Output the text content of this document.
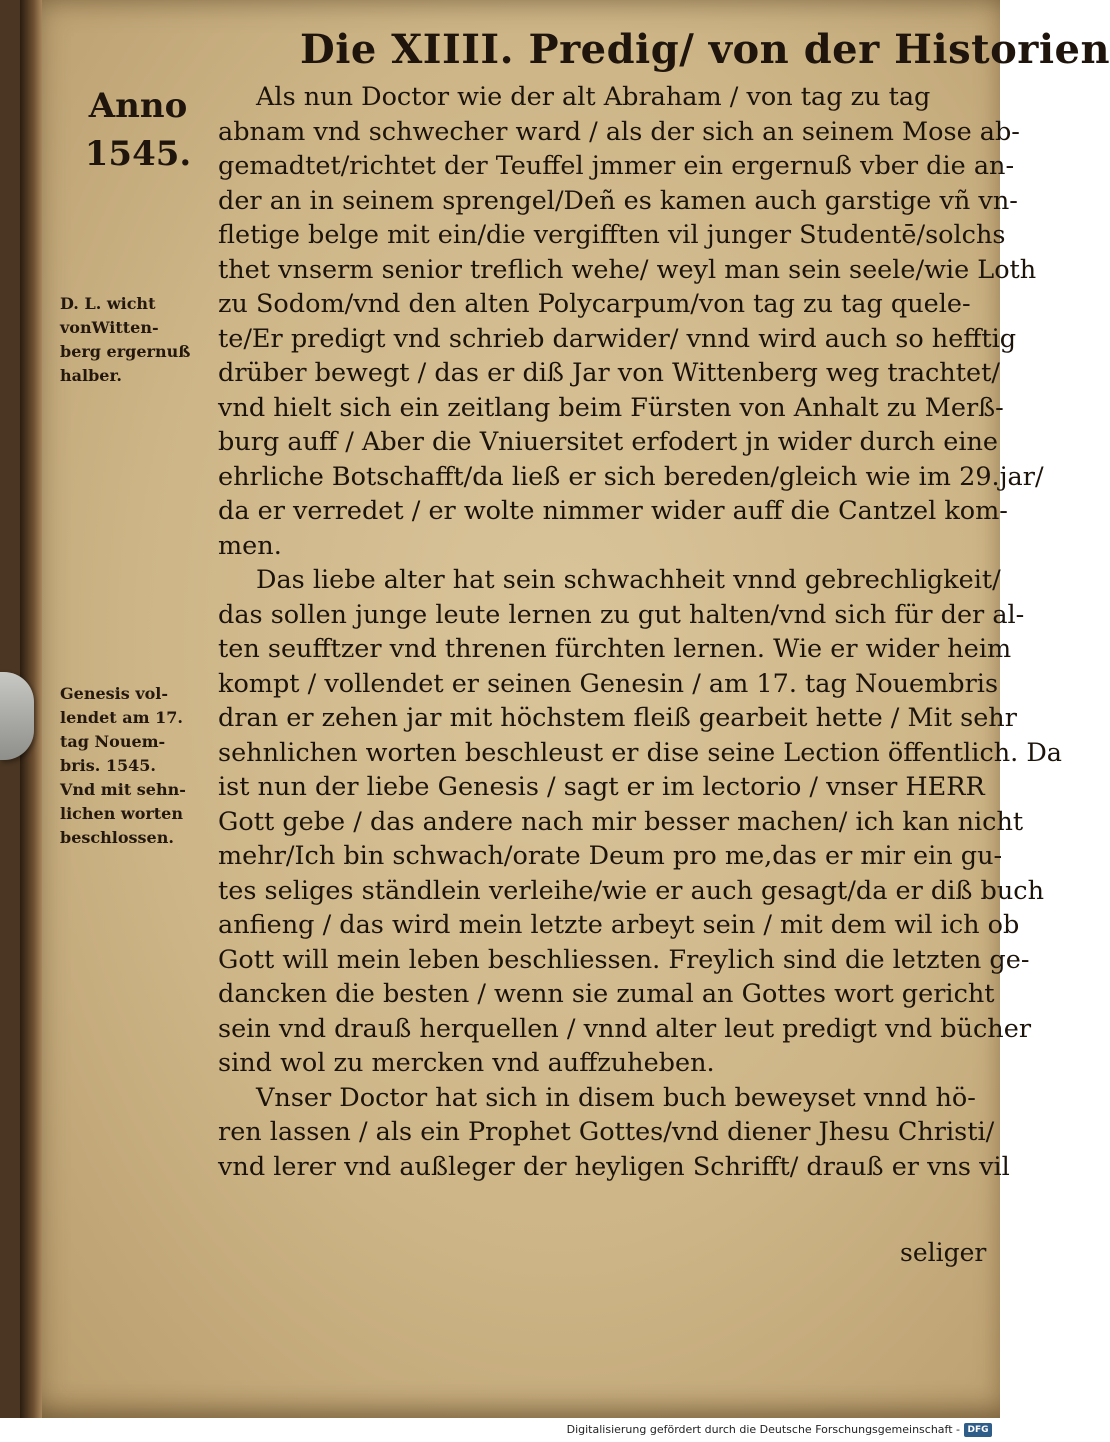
Die XIIII. Predig/ von der Historien
Anno
1545.
D. L. wicht
vonWitten-
berg ergernuß
halber.
Genesis vol-
lendet am 17.
tag Nouem-
bris. 1545.
Vnd mit sehn-
lichen worten
beschlossen.
Als nun Doctor wie der alt Abraham / von tag zu tag
abnam vnd schwecher ward / als der sich an seinem Mose ab-
gemadtet/richtet der Teuffel jmmer ein ergernuß vber die an-
der an in seinem sprengel/Deñ es kamen auch garstige vñ vn-
fletige belge mit ein/die vergifften vil junger Studentē/solchs
thet vnserm senior treflich wehe/ weyl man sein seele/wie Loth
zu Sodom/vnd den alten Polycarpum/von tag zu tag quele-
te/Er predigt vnd schrieb darwider/ vnnd wird auch so hefftig
drüber bewegt / das er diß Jar von Wittenberg weg trachtet/
vnd hielt sich ein zeitlang beim Fürsten von Anhalt zu Merß-
burg auff / Aber die Vniuersitet erfodert jn wider durch eine
ehrliche Botschafft/da ließ er sich bereden/gleich wie im 29.jar/
da er verredet / er wolte nimmer wider auff die Cantzel kom-
men.
Das liebe alter hat sein schwachheit vnnd gebrechligkeit/
das sollen junge leute lernen zu gut halten/vnd sich für der al-
ten seufftzer vnd threnen fürchten lernen. Wie er wider heim
kompt / vollendet er seinen Genesin / am 17. tag Nouembris
dran er zehen jar mit höchstem fleiß gearbeit hette / Mit sehr
sehnlichen worten beschleust er dise seine Lection öffentlich. Da
ist nun der liebe Genesis / sagt er im lectorio / vnser HERR
Gott gebe / das andere nach mir besser machen/ ich kan nicht
mehr/Ich bin schwach/orate Deum pro me,das er mir ein gu-
tes seliges ständlein verleihe/wie er auch gesagt/da er diß buch
anfieng / das wird mein letzte arbeyt sein / mit dem wil ich ob
Gott will mein leben beschliessen. Freylich sind die letzten ge-
dancken die besten / wenn sie zumal an Gottes wort gericht
sein vnd drauß herquellen / vnnd alter leut predigt vnd bücher
sind wol zu mercken vnd auffzuheben.
Vnser Doctor hat sich in disem buch beweyset vnnd hö-
ren lassen / als ein Prophet Gottes/vnd diener Jhesu Christi/
vnd lerer vnd außleger der heyligen Schrifft/ drauß er vns vil
seliger
Digitalisierung gefördert durch die Deutsche Forschungsgemeinschaft - DFG
